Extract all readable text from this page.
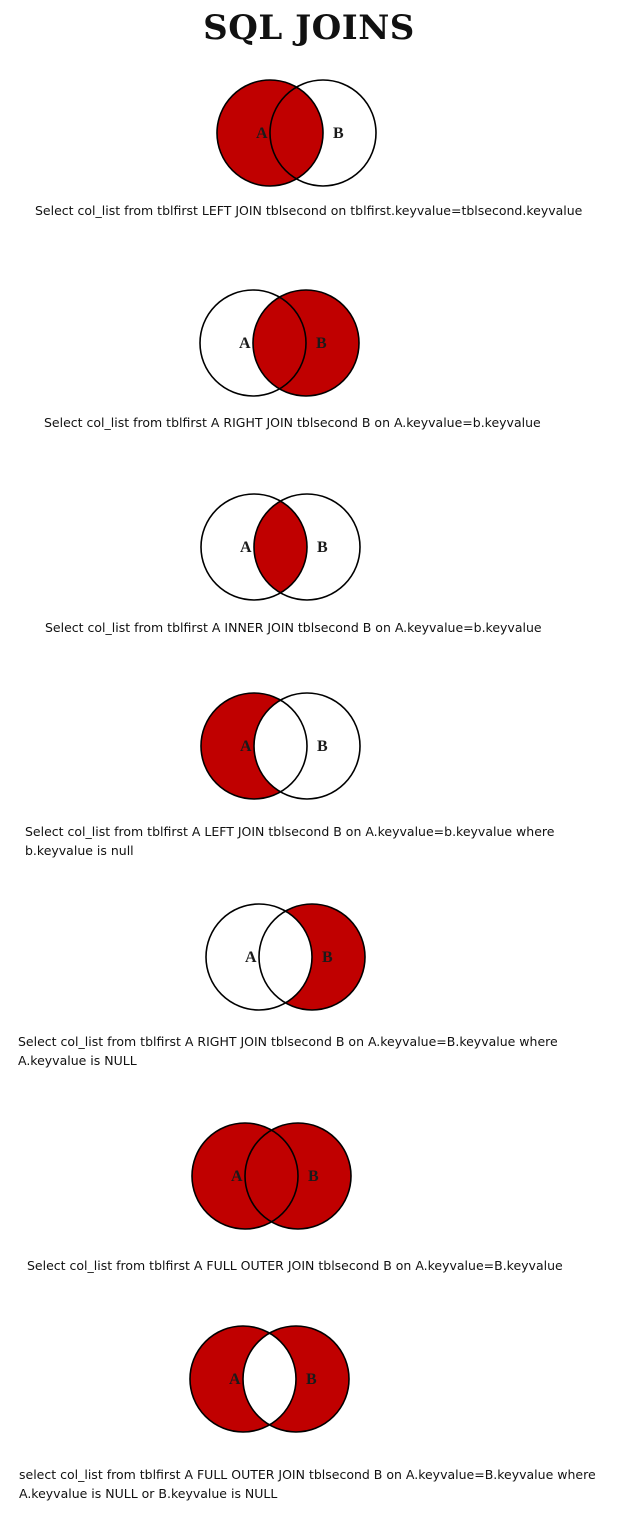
SQL JOINS
A	B
Select col_list from tblfirst LEFT JOIN tblsecond on tblfirst.keyvalue=tblsecond.keyvalue
A	B
Select col_list from tblfirst A RIGHT JOIN tblsecond B on A.keyvalue=b.keyvalue
A	B
Select col_list from tblfirst A INNER JOIN tblsecond B on A.keyvalue=b.keyvalue
A	B
Select col_list from tblfirst A LEFT JOIN tblsecond B on A.keyvalue=b.keyvalue where
b.keyvalue is null
A	B
Select col_list from tblfirst A RIGHT JOIN tblsecond B on A.keyvalue=B.keyvalue where
A.keyvalue is NULL
A	B
Select col_list from tblfirst A FULL OUTER JOIN tblsecond B on A.keyvalue=B.keyvalue
A	B
select col_list from tblfirst A FULL OUTER JOIN tblsecond B on A.keyvalue=B.keyvalue where
A.keyvalue is NULL or B.keyvalue is NULL
